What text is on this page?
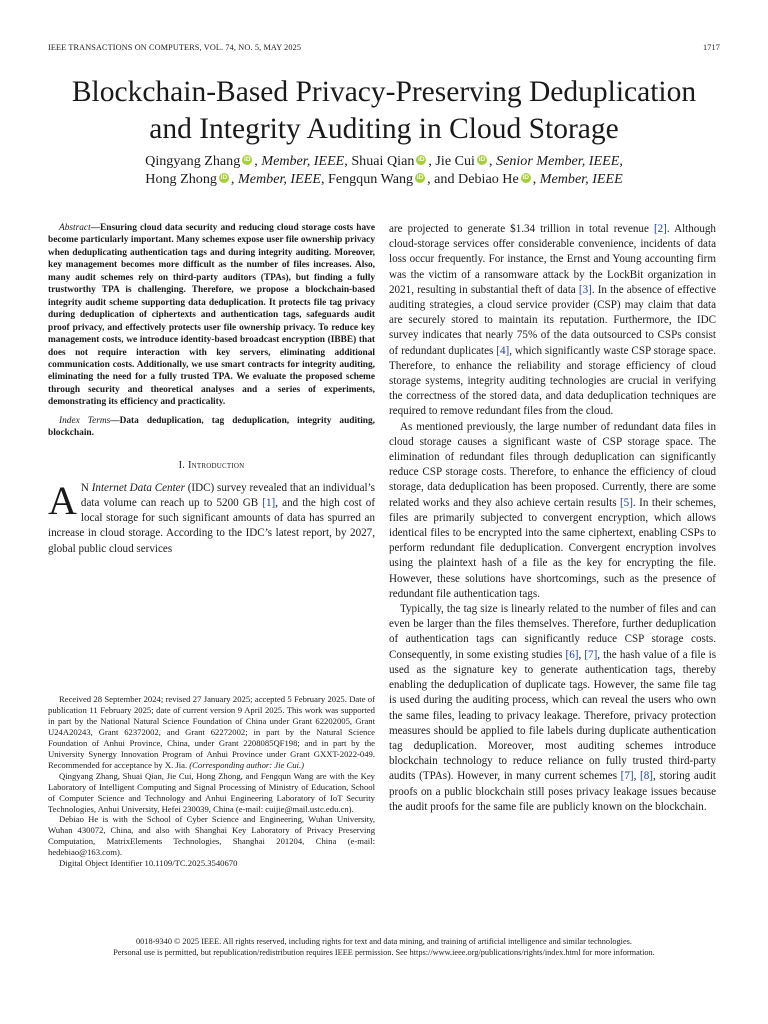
IEEE TRANSACTIONS ON COMPUTERS, VOL. 74, NO. 5, MAY 2025	1717
Blockchain-Based Privacy-Preserving Deduplication
and Integrity Auditing in Cloud Storage
Qingyang Zhang iD , Member, IEEE, Shuai Qian iD , Jie Cui iD , Senior Member, IEEE,
Hong Zhong iD , Member, IEEE, Fengqun Wang iD , and Debiao He iD , Member, IEEE

Abstract—Ensuring cloud data security and reducing cloud storage costs have become particularly important. Many schemes expose user file ownership privacy when deduplicating authentication tags and during integrity auditing. Moreover, key management becomes more difficult as the number of files increases. Also, many audit schemes rely on third-party auditors (TPAs), but finding a fully trustworthy TPA is challenging. Therefore, we propose a blockchain-based integrity audit scheme supporting data deduplication. It protects file tag privacy during deduplication of ciphertexts and authentication tags, safeguards audit proof privacy, and effectively protects user file ownership privacy. To reduce key management costs, we introduce identity-based broadcast encryption (IBBE) that does not require interaction with key servers, eliminating additional communication costs. Additionally, we use smart contracts for integrity auditing, eliminating the need for a fully trusted TPA. We evaluate the proposed scheme through security and theoretical analyses and a series of experiments, demonstrating its efficiency and practicality.

Index Terms—Data deduplication, tag deduplication, integrity auditing, blockchain.

I. Introduction

A N Internet Data Center (IDC) survey revealed that an individual’s data volume can reach up to 5200 GB [1], and the high cost of local storage for such significant amounts of data has spurred an increase in cloud storage. According to the IDC’s latest report, by 2027, global public cloud services

Received 28 September 2024; revised 27 January 2025; accepted 5 February 2025. Date of publication 11 February 2025; date of current version 9 April 2025. This work was supported in part by the National Natural Science Foundation of China under Grant 62202005, Grant U24A20243, Grant 62372002, and Grant 62272002; in part by the Natural Science Foundation of Anhui Province, China, under Grant 2208085QF198; and in part by the University Synergy Innovation Program of Anhui Province under Grant GXXT-2022-049. Recommended for acceptance by X. Jia. (Corresponding author: Jie Cui.)

Qingyang Zhang, Shuai Qian, Jie Cui, Hong Zhong, and Fengqun Wang are with the Key Laboratory of Intelligent Computing and Signal Processing of Ministry of Education, School of Computer Science and Technology and Anhui Engineering Laboratory of IoT Security Technologies, Anhui University, Hefei 230039, China (e-mail: cuijie@mail.ustc.edu.cn).

Debiao He is with the School of Cyber Science and Engineering, Wuhan University, Wuhan 430072, China, and also with Shanghai Key Laboratory of Privacy Preserving Computation, MatrixElements Technologies, Shanghai 201204, China (e-mail: hedebiao@163.com).

Digital Object Identifier 10.1109/TC.2025.3540670

are projected to generate $1.34 trillion in total revenue [2]. Although cloud-storage services offer considerable convenience, incidents of data loss occur frequently. For instance, the Ernst and Young accounting firm was the victim of a ransomware attack by the LockBit organization in 2021, resulting in substantial theft of data [3]. In the absence of effective auditing strategies, a cloud service provider (CSP) may claim that data are securely stored to maintain its reputation. Furthermore, the IDC survey indicates that nearly 75% of the data outsourced to CSPs consist of redundant duplicates [4], which significantly waste CSP storage space. Therefore, to enhance the reliability and storage efficiency of cloud storage systems, integrity auditing technologies are crucial in verifying the correctness of the stored data, and data deduplication techniques are required to remove redundant files from the cloud.

As mentioned previously, the large number of redundant data files in cloud storage causes a significant waste of CSP storage space. The elimination of redundant files through deduplication can significantly reduce CSP storage costs. Therefore, to enhance the efficiency of cloud storage, data deduplication has been proposed. Currently, there are some related works and they also achieve certain results [5]. In their schemes, files are primarily subjected to convergent encryption, which allows identical files to be encrypted into the same ciphertext, enabling CSPs to perform redundant file deduplication. Convergent encryption involves using the plaintext hash of a file as the key for encrypting the file. However, these solutions have shortcomings, such as the presence of redundant file authentication tags.

Typically, the tag size is linearly related to the number of files and can even be larger than the files themselves. Therefore, further deduplication of authentication tags can significantly reduce CSP storage costs. Consequently, in some existing studies [6], [7], the hash value of a file is used as the signature key to generate authentication tags, thereby enabling the deduplication of duplicate tags. However, the same file tag is used during the auditing process, which can reveal the users who own the same files, leading to privacy leakage. Therefore, privacy protection measures should be applied to file labels during duplicate authentication tag deduplication. Moreover, most auditing schemes introduce blockchain technology to reduce reliance on fully trusted third-party audits (TPAs). However, in many current schemes [7], [8], storing audit proofs on a public blockchain still poses privacy leakage issues because the audit proofs for the same file are publicly known on the blockchain.

0018-9340 © 2025 IEEE. All rights reserved, including rights for text and data mining, and training of artificial intelligence and similar technologies.
Personal use is permitted, but republication/redistribution requires IEEE permission. See https://www.ieee.org/publications/rights/index.html for more information.
